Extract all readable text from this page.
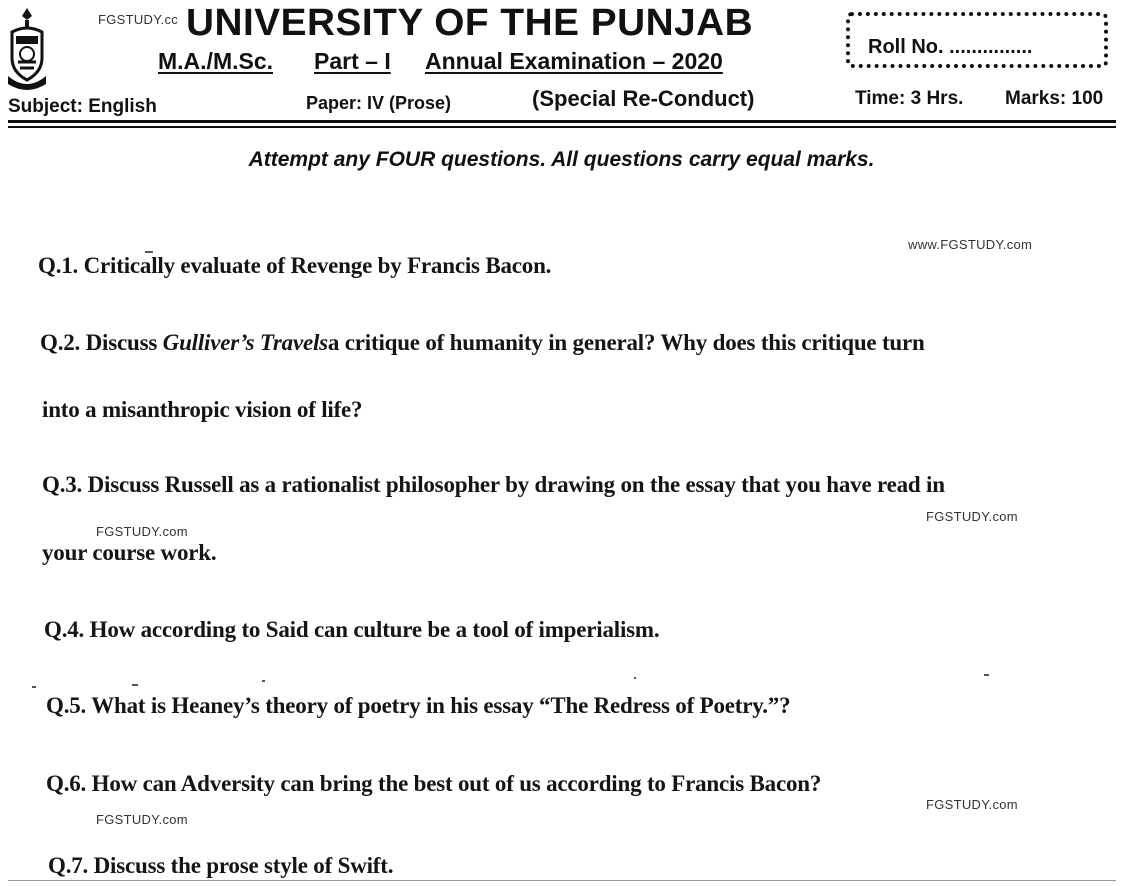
FGSTUDY.cc UNIVERSITY OF THE PUNJAB
M.A./M.Sc. Part – I Annual Examination – 2020
Roll No. ...............
Subject: English	Paper: IV (Prose)	(Special Re-Conduct)	Time: 3 Hrs. Marks: 100
Attempt any FOUR questions. All questions carry equal marks.
www.FGSTUDY.com
Q.1. Critically evaluate of Revenge by Francis Bacon.
Q.2. Discuss Gulliver’s Travelsa critique of humanity in general? Why does this critique turn
into a misanthropic vision of life?
Q.3. Discuss Russell as a rationalist philosopher by drawing on the essay that you have read in
FGSTUDY.com
FGSTUDY.com
your course work.
Q.4. How according to Said can culture be a tool of imperialism.
Q.5. What is Heaney’s theory of poetry in his essay “The Redress of Poetry.”?
Q.6. How can Adversity can bring the best out of us according to Francis Bacon?
FGSTUDY.com
FGSTUDY.com
Q.7. Discuss the prose style of Swift.
